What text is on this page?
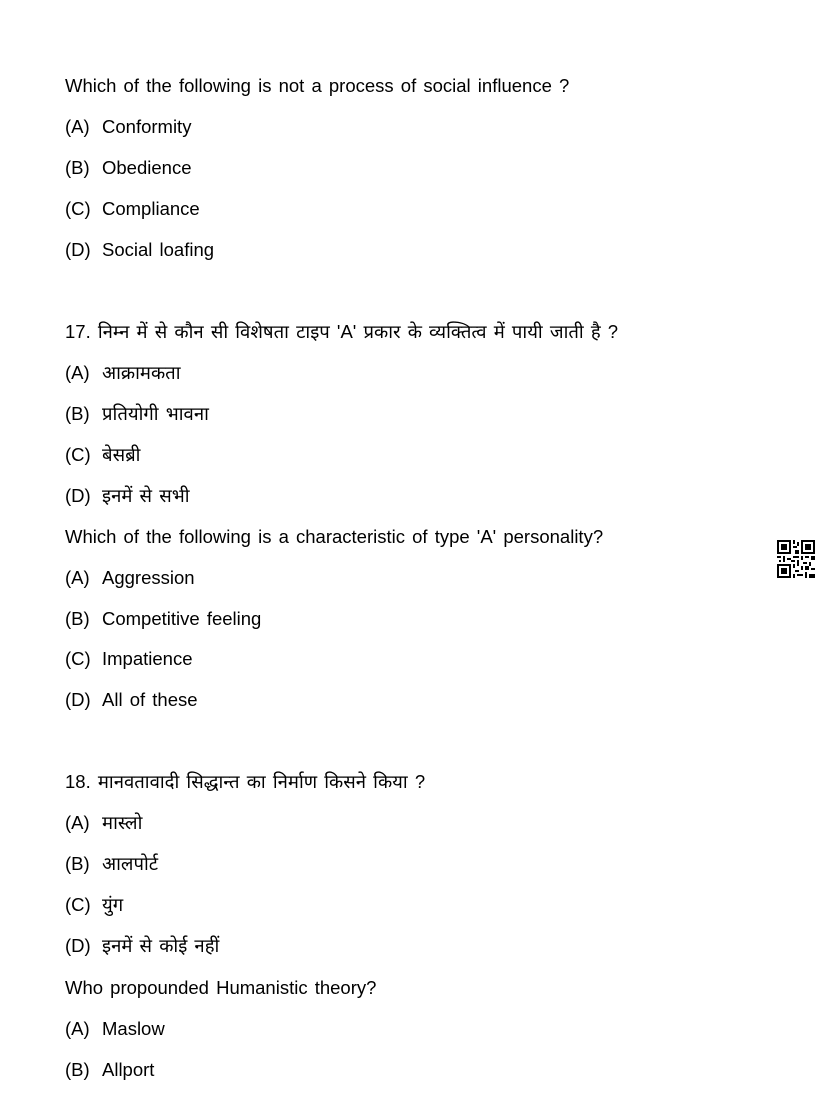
Which of the following is not a process of social influence ?
(A) Conformity
(B) Obedience
(C) Compliance
(D) Social loafing
17. निम्न में से कौन सी विशेषता टाइप 'A' प्रकार के व्यक्तित्व में पायी जाती है ?
(A) आक्रामकता
(B) प्रतियोगी भावना
(C) बेसब्री
(D) इनमें से सभी
Which of the following is a characteristic of type 'A' personality?
(A) Aggression
(B) Competitive feeling
(C) Impatience
(D) All of these
18. मानवतावादी सिद्धान्त का निर्माण किसने किया ?
(A) मास्लो
(B) आलपोर्ट
(C) युंग
(D) इनमें से कोई नहीं
Who propounded Humanistic theory?
(A) Maslow
(B) Allport
